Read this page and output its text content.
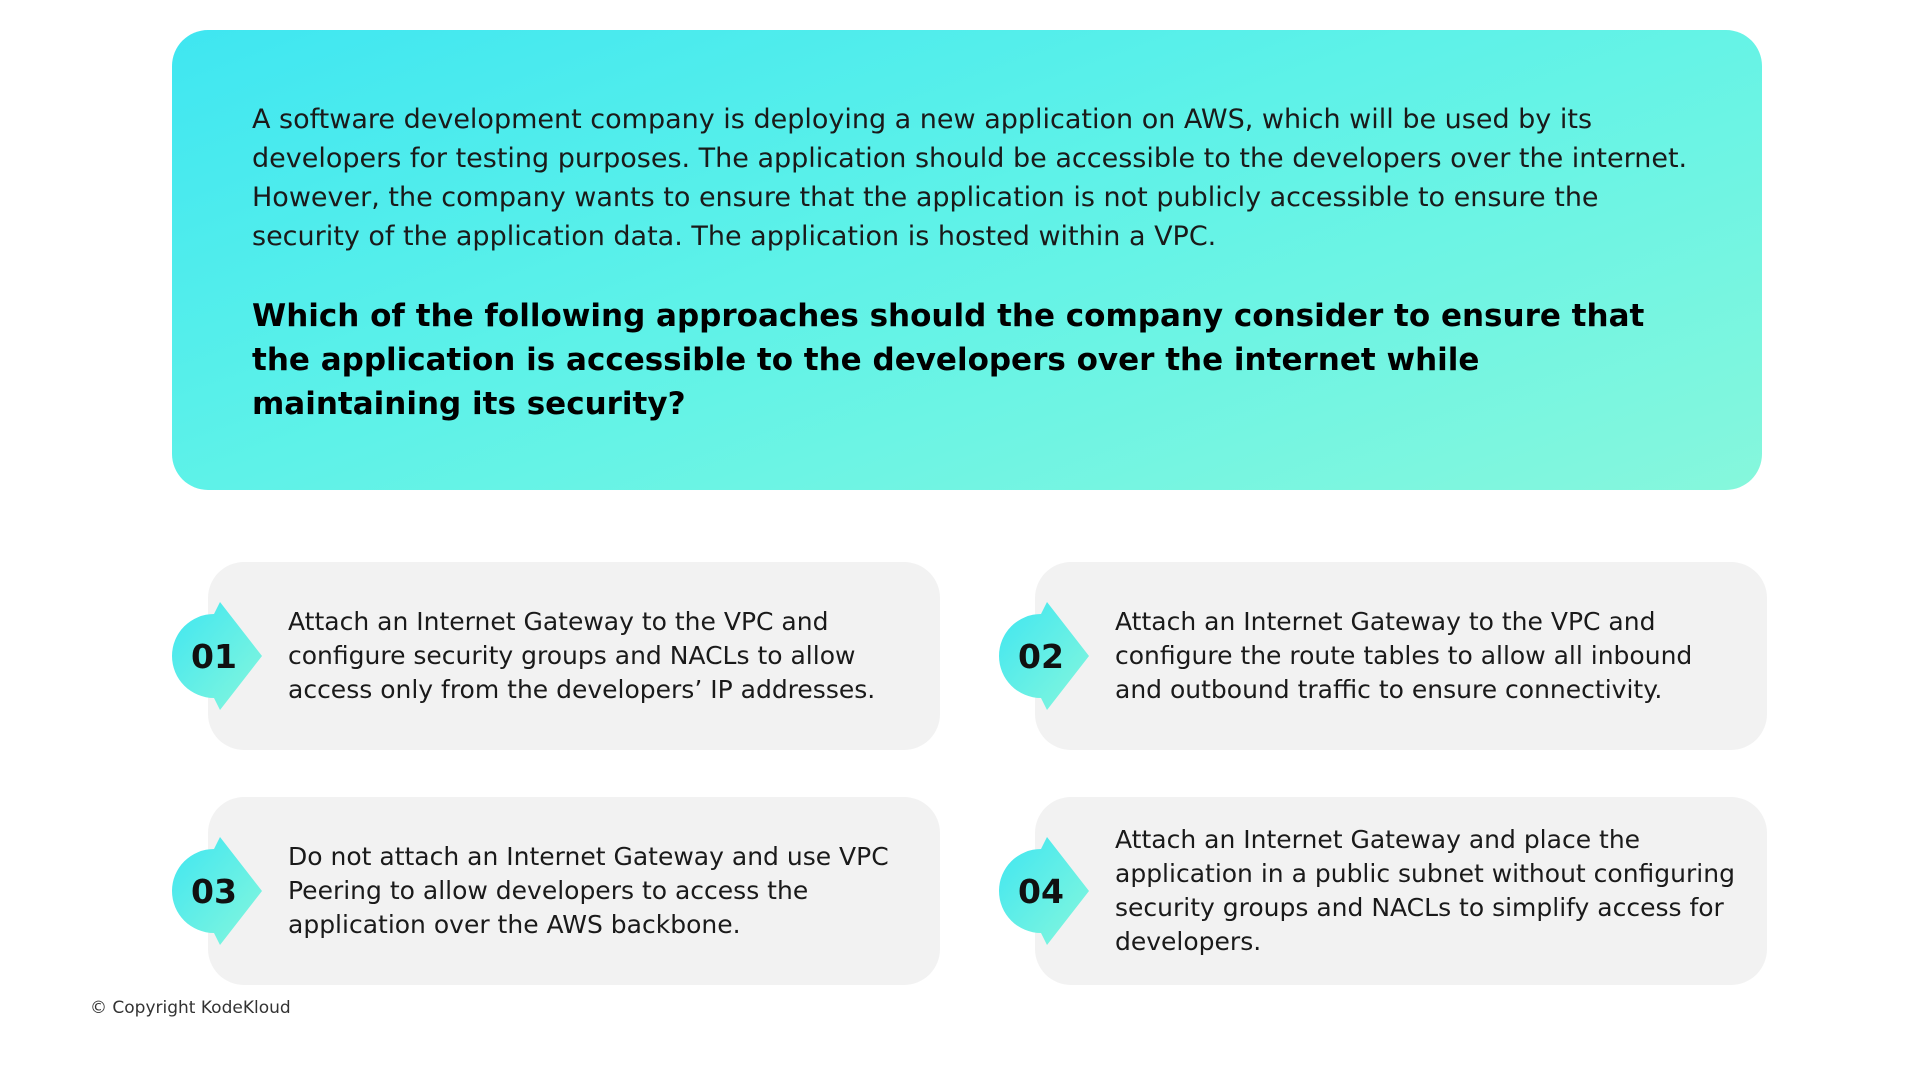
A software development company is deploying a new application on AWS, which will be used by its developers for testing purposes. The application should be accessible to the developers over the internet. However, the company wants to ensure that the application is not publicly accessible to ensure the security of the application data. The application is hosted within a VPC.

Which of the following approaches should the company consider to ensure that the application is accessible to the developers over the internet while maintaining its security?

01
Attach an Internet Gateway to the VPC and configure security groups and NACLs to allow access only from the developers’ IP addresses.
02
Attach an Internet Gateway to the VPC and configure the route tables to allow all inbound and outbound traffic to ensure connectivity.
03
Do not attach an Internet Gateway and use VPC Peering to allow developers to access the application over the AWS backbone.
04
Attach an Internet Gateway and place the application in a public subnet without configuring security groups and NACLs to simplify access for developers.
© Copyright KodeKloud
